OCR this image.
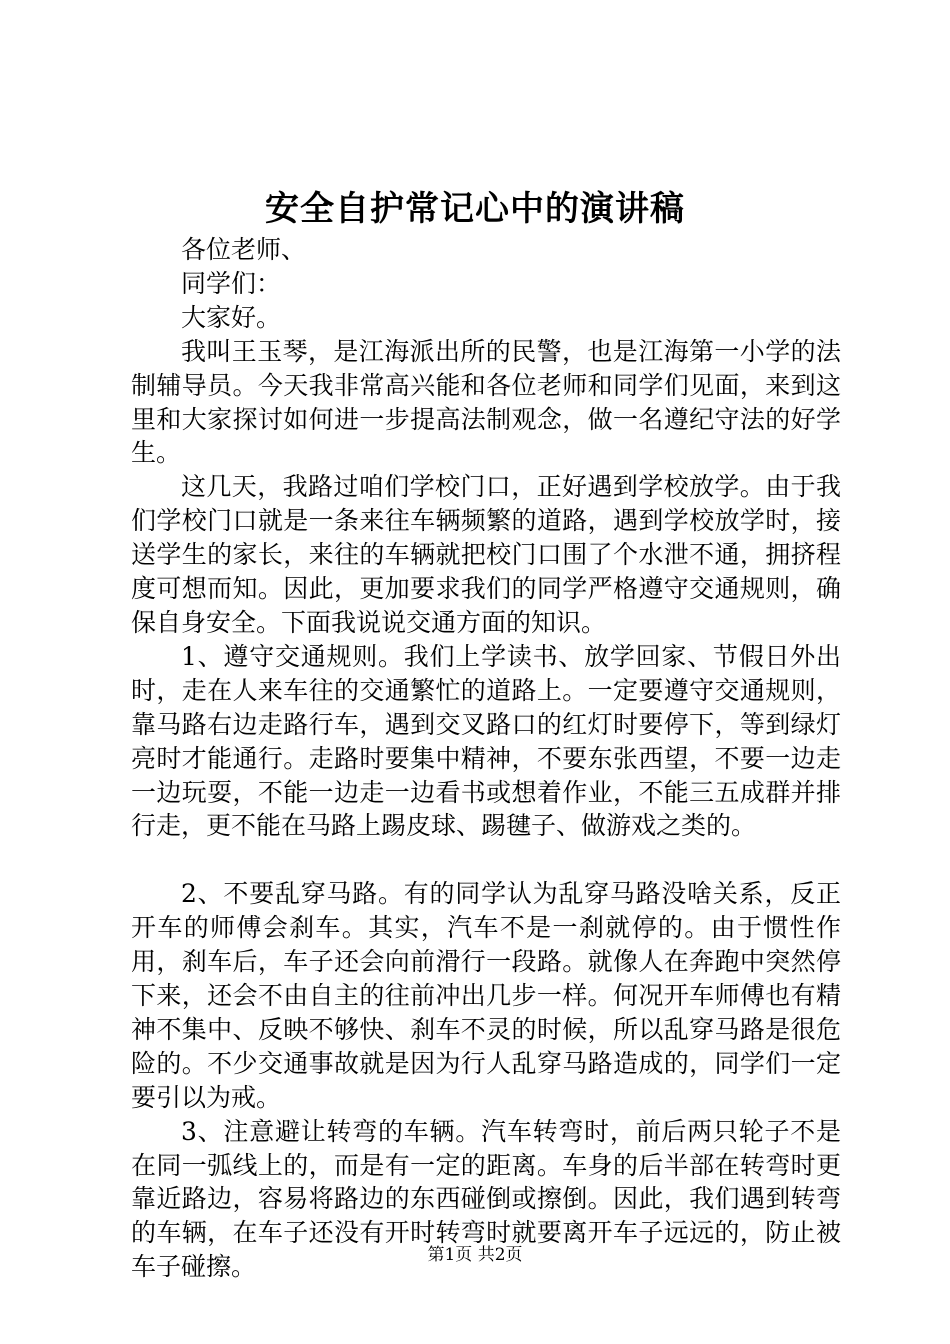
安全自护常记心中的演讲稿

各位老师、

同学们：

大家好。

我叫王玉琴，是江海派出所的民警，也是江海第一小学的法制辅导员。今天我非常高兴能和各位老师和同学们见面，来到这里和大家探讨如何进一步提高法制观念，做一名遵纪守法的好学生。

这几天，我路过咱们学校门口，正好遇到学校放学。由于我们学校门口就是一条来往车辆频繁的道路，遇到学校放学时，接送学生的家长，来往的车辆就把校门口围了个水泄不通，拥挤程度可想而知。因此，更加要求我们的同学严格遵守交通规则，确保自身安全。下面我说说交通方面的知识。

1、遵守交通规则。我们上学读书、放学回家、节假日外出时，走在人来车往的交通繁忙的道路上。一定要遵守交通规则，靠马路右边走路行车，遇到交叉路口的红灯时要停下，等到绿灯亮时才能通行。走路时要集中精神，不要东张西望，不要一边走一边玩耍，不能一边走一边看书或想着作业，不能三五成群并排行走，更不能在马路上踢皮球、踢毽子、做游戏之类的。

2、不要乱穿马路。有的同学认为乱穿马路没啥关系，反正开车的师傅会刹车。其实，汽车不是一刹就停的。由于惯性作用，刹车后，车子还会向前滑行一段路。就像人在奔跑中突然停下来，还会不由自主的往前冲出几步一样。何况开车师傅也有精神不集中、反映不够快、刹车不灵的时候，所以乱穿马路是很危险的。不少交通事故就是因为行人乱穿马路造成的，同学们一定要引以为戒。

3、注意避让转弯的车辆。汽车转弯时，前后两只轮子不是在同一弧线上的，而是有一定的距离。车身的后半部在转弯时更靠近路边，容易将路边的东西碰倒或擦倒。因此，我们遇到转弯的车辆，在车子还没有开时转弯时就要离开车子远远的，防止被车子碰擦。	第1页 共2页
